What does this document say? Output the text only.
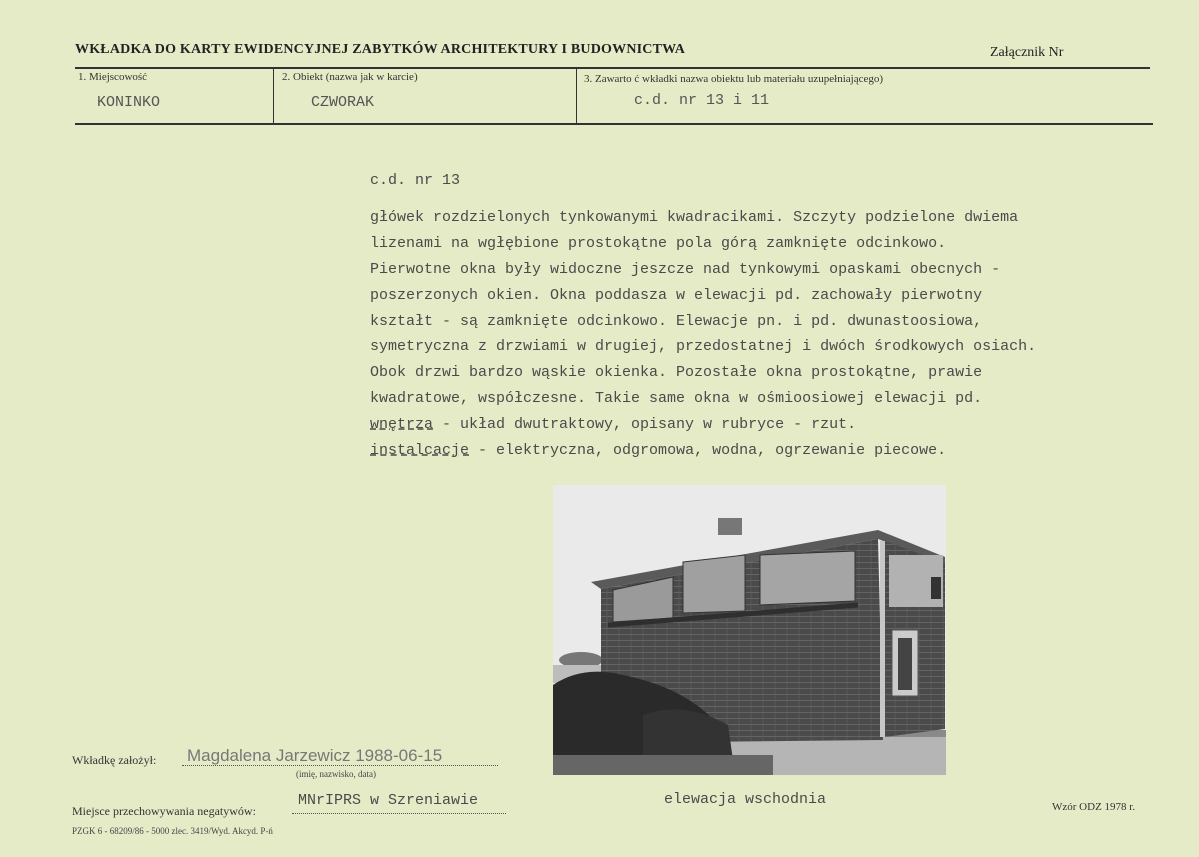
WKŁADKA DO KARTY EWIDENCYJNEJ ZABYTKÓW ARCHITEKTURY I BUDOWNICTWA	Załącznik Nr
1. Miejscowość	2. Obiekt (nazwa jak w karcie)	3. Zawarto ć wkładki nazwa obiektu lub materiału uzupełniającego)
KONINKO	CZWORAK	c.d. nr 13 i 11
c.d. nr 13
główek rozdzielonych tynkowanymi kwadracikami. Szczyty podzielone dwiema
lizenami na wgłębione prostokątne pola górą zamknięte odcinkowo.
Pierwotne okna były widoczne jeszcze nad tynkowymi opaskami obecnych -
poszerzonych okien. Okna poddasza w elewacji pd. zachowały pierwotny
kształt - są zamknięte odcinkowo. Elewacje pn. i pd. dwunastoosiowa,
symetryczna z drzwiami w drugiej, przedostatnej i dwóch środkowych osiach.
Obok drzwi bardzo wąskie okienka. Pozostałe okna prostokątne, prawie
kwadratowe, współczesne. Takie same okna w ośmioosiowej elewacji pd.
wnętrza - układ dwutraktowy, opisany w rubryce - rzut.
instalcacje - elektryczna, odgromowa, wodna, ogrzewanie piecowe.
Wkładkę założył: Magdalena Jarzewicz 1988-06-15
(imię, nazwisko, data)
Miejsce przechowywania negatywów:
MNrIPRS w Szreniawie
PZGK 6 - 68209/86 - 5000 zlec. 3419/Wyd. Akcyd. P-ń
elewacja wschodnia	Wzór ODZ 1978 r.
